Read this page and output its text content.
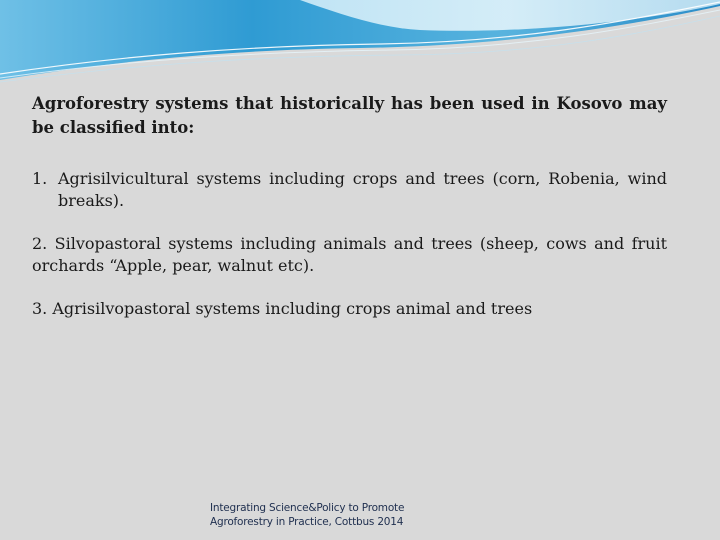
Agroforestry systems that historically has been used in Kosovo may be classified into:

1. Agrisilvicultural systems including crops and trees (corn, Robenia, wind breaks).

2. Silvopastoral systems including animals and trees (sheep, cows and fruit orchards “Apple, pear, walnut etc).

3. Agrisilvopastoral systems including crops animal and trees

Integrating Science&Policy to Promote
Agroforestry in Practice, Cottbus 2014
